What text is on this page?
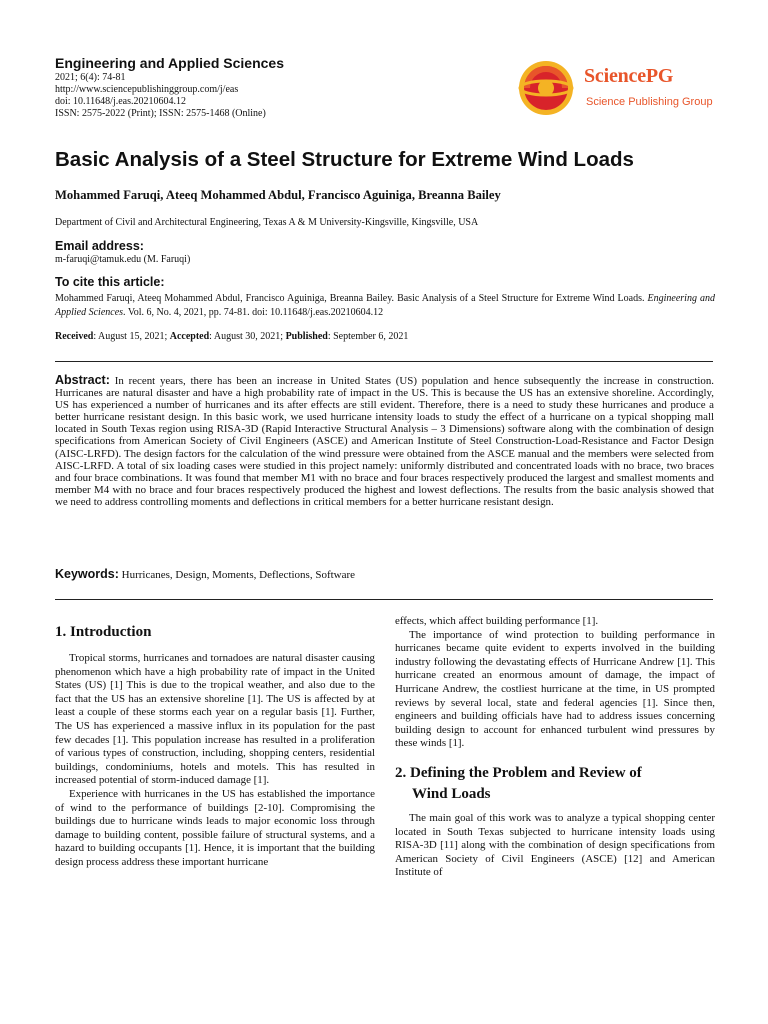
Engineering and Applied Sciences
2021; 6(4): 74-81
http://www.sciencepublishinggroup.com/j/eas
doi: 10.11648/j.eas.20210604.12
ISSN: 2575-2022 (Print); ISSN: 2575-1468 (Online)
SciencePG
Science Publishing Group
Basic Analysis of a Steel Structure for Extreme Wind Loads
Mohammed Faruqi, Ateeq Mohammed Abdul, Francisco Aguiniga, Breanna Bailey
Department of Civil and Architectural Engineering, Texas A & M University-Kingsville, Kingsville, USA
Email address:
m-faruqi@tamuk.edu (M. Faruqi)
To cite this article:
Mohammed Faruqi, Ateeq Mohammed Abdul, Francisco Aguiniga, Breanna Bailey. Basic Analysis of a Steel Structure for Extreme Wind Loads. Engineering and Applied Sciences. Vol. 6, No. 4, 2021, pp. 74-81. doi: 10.11648/j.eas.20210604.12
Received: August 15, 2021; Accepted: August 30, 2021; Published: September 6, 2021
Abstract: In recent years, there has been an increase in United States (US) population and hence subsequently the increase in construction. Hurricanes are natural disaster and have a high probability rate of impact in the US. This is because the US has an extensive shoreline. Accordingly, US has experienced a number of hurricanes and its after effects are still evident. Therefore, there is a need to study these hurricanes and produce a better hurricane resistant design. In this basic work, we used hurricane intensity loads to study the effect of a hurricane on a typical shopping mall located in South Texas region using RISA-3D (Rapid Interactive Structural Analysis – 3 Dimensions) software along with the combination of design specifications from American Society of Civil Engineers (ASCE) and American Institute of Steel Construction-Load-Resistance and Factor Design (AISC-LRFD). The design factors for the calculation of the wind pressure were obtained from the ASCE manual and the members were selected from AISC-LRFD. A total of six loading cases were studied in this project namely: uniformly distributed and concentrated loads with no brace, two braces and four brace combinations. It was found that member M1 with no brace and four braces respectively produced the largest and smallest moments and member M4 with no brace and four braces respectively produced the highest and lowest deflections. The results from the basic analysis showed that we need to address controlling moments and deflections in critical members for a better hurricane resistant design.
Keywords: Hurricanes, Design, Moments, Deflections, Software

1. Introduction

Tropical storms, hurricanes and tornadoes are natural disaster causing phenomenon which have a high probability rate of impact in the United States (US) [1] This is due to the tropical weather, and also due to the fact that the US has an extensive shoreline [1]. The US is affected by at least a couple of these storms each year on a regular basis [1]. Further, The US has experienced a massive influx in its population for the past few decades [1]. This population increase has resulted in a proliferation of various types of construction, including, shopping centers, residential buildings, condominiums, hotels and motels. This has resulted in increased potential of storm-induced damage [1].

Experience with hurricanes in the US has established the importance of wind to the performance of buildings [2-10]. Compromising the buildings due to hurricane winds leads to major economic loss through damage to building content, possible failure of structural systems, and a hazard to building occupants [1]. Hence, it is important that the building design process address these important hurricane

effects, which affect building performance [1].

The importance of wind protection to building performance in hurricanes became quite evident to experts involved in the building industry following the devastating effects of Hurricane Andrew [1]. This hurricane created an enormous amount of damage, the impact of Hurricane Andrew, the costliest hurricane at the time, in US prompted reviews by several local, state and federal agencies [1]. Since then, engineers and building officials have had to address issues concerning building design to account for enhanced turbulent wind pressures by these winds [1].

2. Defining the Problem and Review of

Wind Loads

The main goal of this work was to analyze a typical shopping center located in South Texas subjected to hurricane intensity loads using RISA-3D [11] along with the combination of design specifications from American Society of Civil Engineers (ASCE) [12] and American Institute of
